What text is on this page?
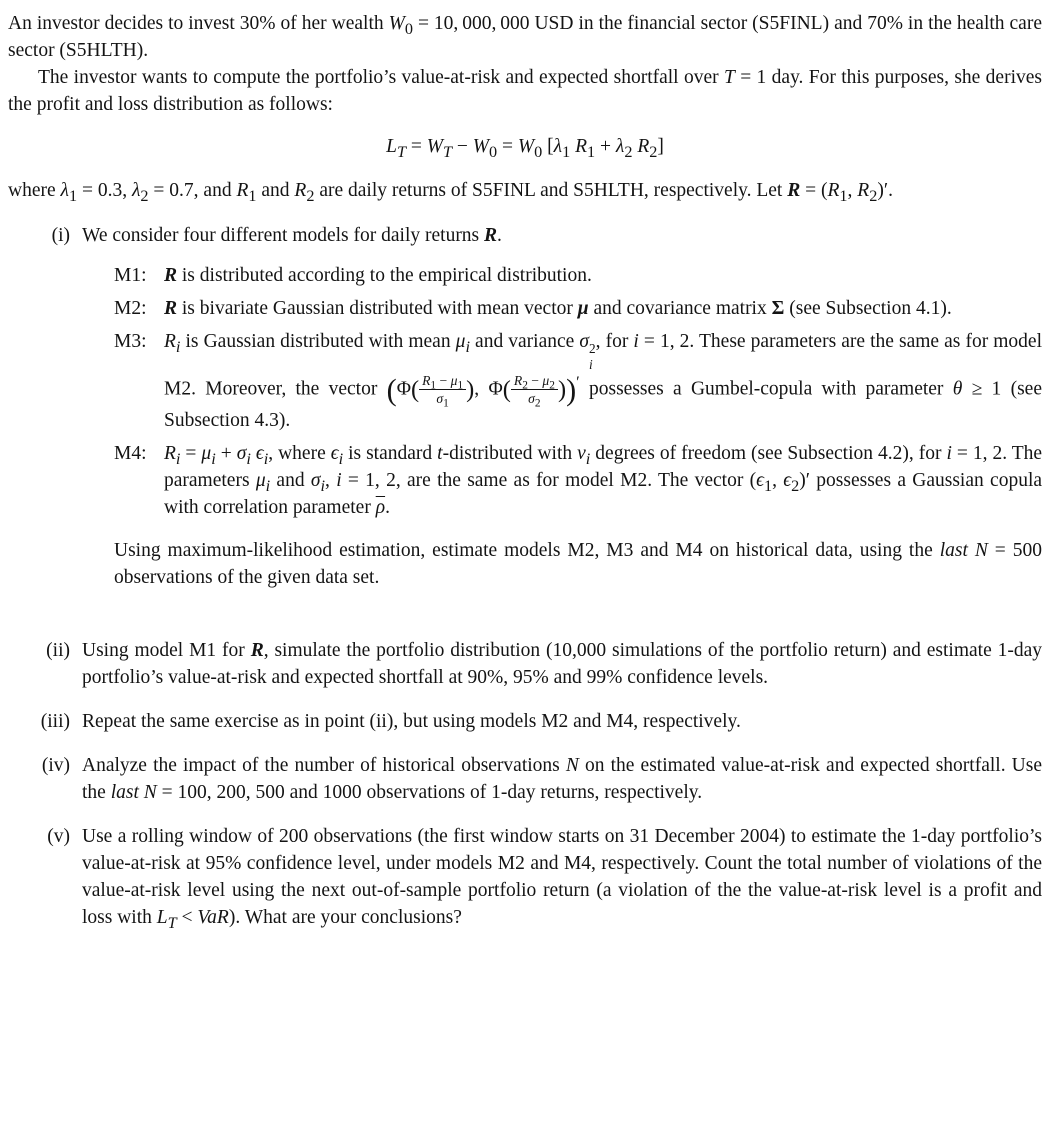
An investor decides to invest 30% of her wealth $W_0 = 10$, 000, 000 USD in the financial sector (S5FINL) and 70% in the health care sector (S5HLTH).

The investor wants to compute the portfolio’s value-at-risk and expected shortfall over T = 1 day. For this purposes, she derives the profit and loss distribution as follows:

$L_T = W_T - W_0 = W_0$ [$\lambda_1$ $R_1 + \lambda_2$ $R_2$]

where $\lambda_1 = 0.3$, $\lambda_2 = 0.7$, and $R_1$ and $R_2$ are daily returns of S5FINL and S5HLTH, respectively. Let $R = (R_1$, $R_2)'$.

(i) We consider four different models for daily returns R.

M1: R is distributed according to the empirical distribution.
M2: R is bivariate Gaussian distributed with mean vector μ and covariance matrix Σ (see Subsection 4.1).
M3: $R_i$ is Gaussian distributed with mean $\mu_i$ and variance σ 2
i
, for i = 1, 2. These parameters are the same as for model M2. Moreover, the vector ($\Phi( \frac{R_1 - \mu_1}{\sigma_1}$ ), $\Phi( \frac{R_2 - \mu_2}{\sigma_2} ))'$ possesses a Gumbel-copula with parameter θ ≥ 1 (see Subsection 4.3).
M4: $R_i = \mu_i + \sigma_i$ $\epsilon_i$, where $\epsilon_i$ is standard t-distributed with $\nu_i$ degrees of freedom (see Subsection 4.2), for i = 1, 2. The parameters $\mu_i$ and $\sigma_i$, i = 1, 2, are the same as for model M2. The vector ($\epsilon_1$, $\epsilon_2)'$ possesses a Gaussian copula with correlation parameter $\overline{\rho}$.

Using maximum-likelihood estimation, estimate models M2, M3 and M4 on historical data, using the last N = 500 observations of the given data set.

(ii) Using model M1 for R, simulate the portfolio distribution (10,000 simulations of the portfolio return) and estimate 1-day portfolio’s value-at-risk and expected shortfall at 90%, 95% and 99% confidence levels.
(iii) Repeat the same exercise as in point (ii), but using models M2 and M4, respectively.
(iv) Analyze the impact of the number of historical observations N on the estimated value-at-risk and expected shortfall. Use the last N = 100, 200, 500 and 1000 observations of 1-day returns, respectively.
(v) Use a rolling window of 200 observations (the first window starts on 31 December 2004) to estimate the 1-day portfolio’s value-at-risk at 95% confidence level, under models M2 and M4, respectively. Count the total number of violations of the value-at-risk level using the next out-of-sample portfolio return (a violation of the the value-at-risk level is a profit and loss with $L_T < VaR$). What are your conclusions?
